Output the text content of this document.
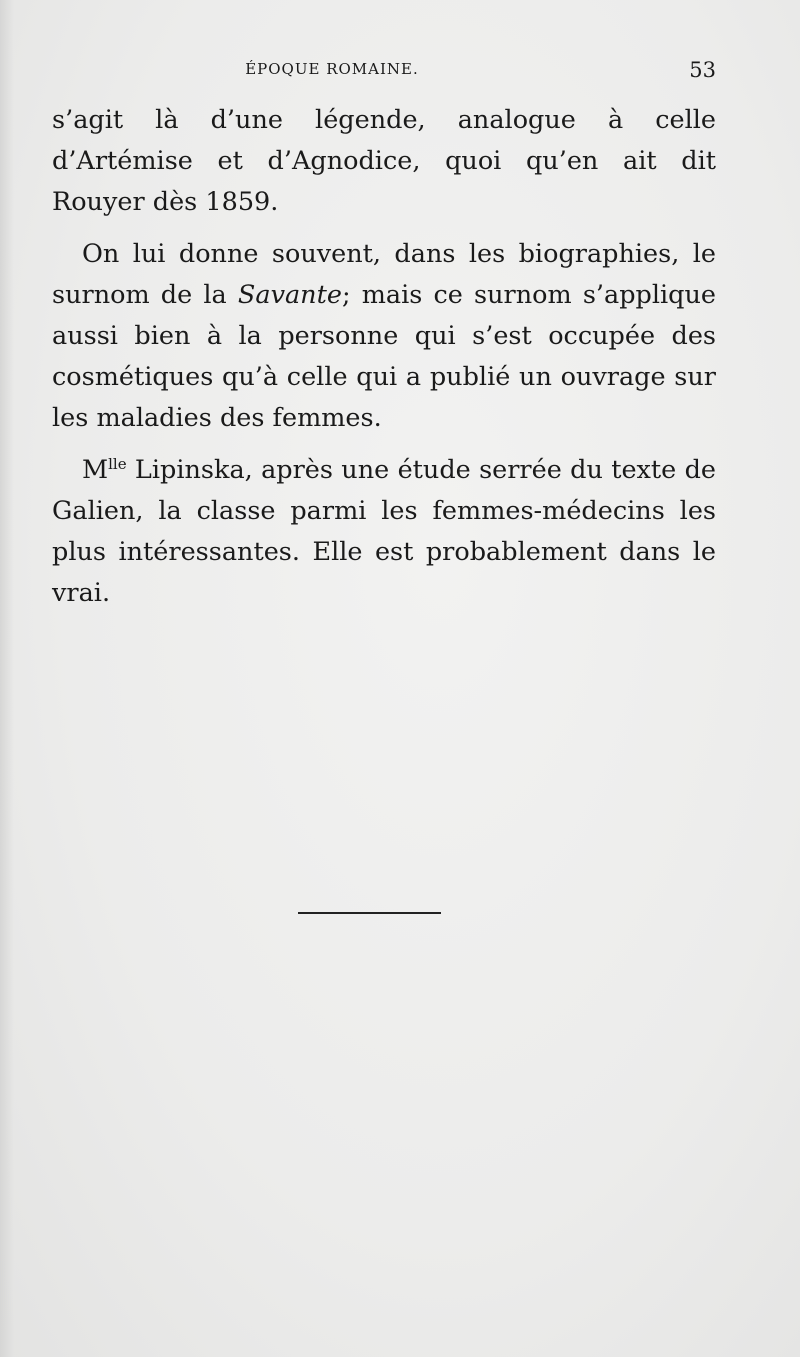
ÉPOQUE ROMAINE.	53

s’agit là d’une légende, analogue à celle d’Artémise et d’Agnodice, quoi qu’en ait dit Rouyer dès 1859.

On lui donne souvent, dans les biographies, le surnom de la Savante; mais ce surnom s’applique aussi bien à la personne qui s’est occupée des cosmétiques qu’à celle qui a publié un ouvrage sur les maladies des femmes.

$M^{lle}$ Lipinska, après une étude serrée du texte de Galien, la classe parmi les femmes-médecins les plus intéressantes. Elle est probablement dans le vrai.
